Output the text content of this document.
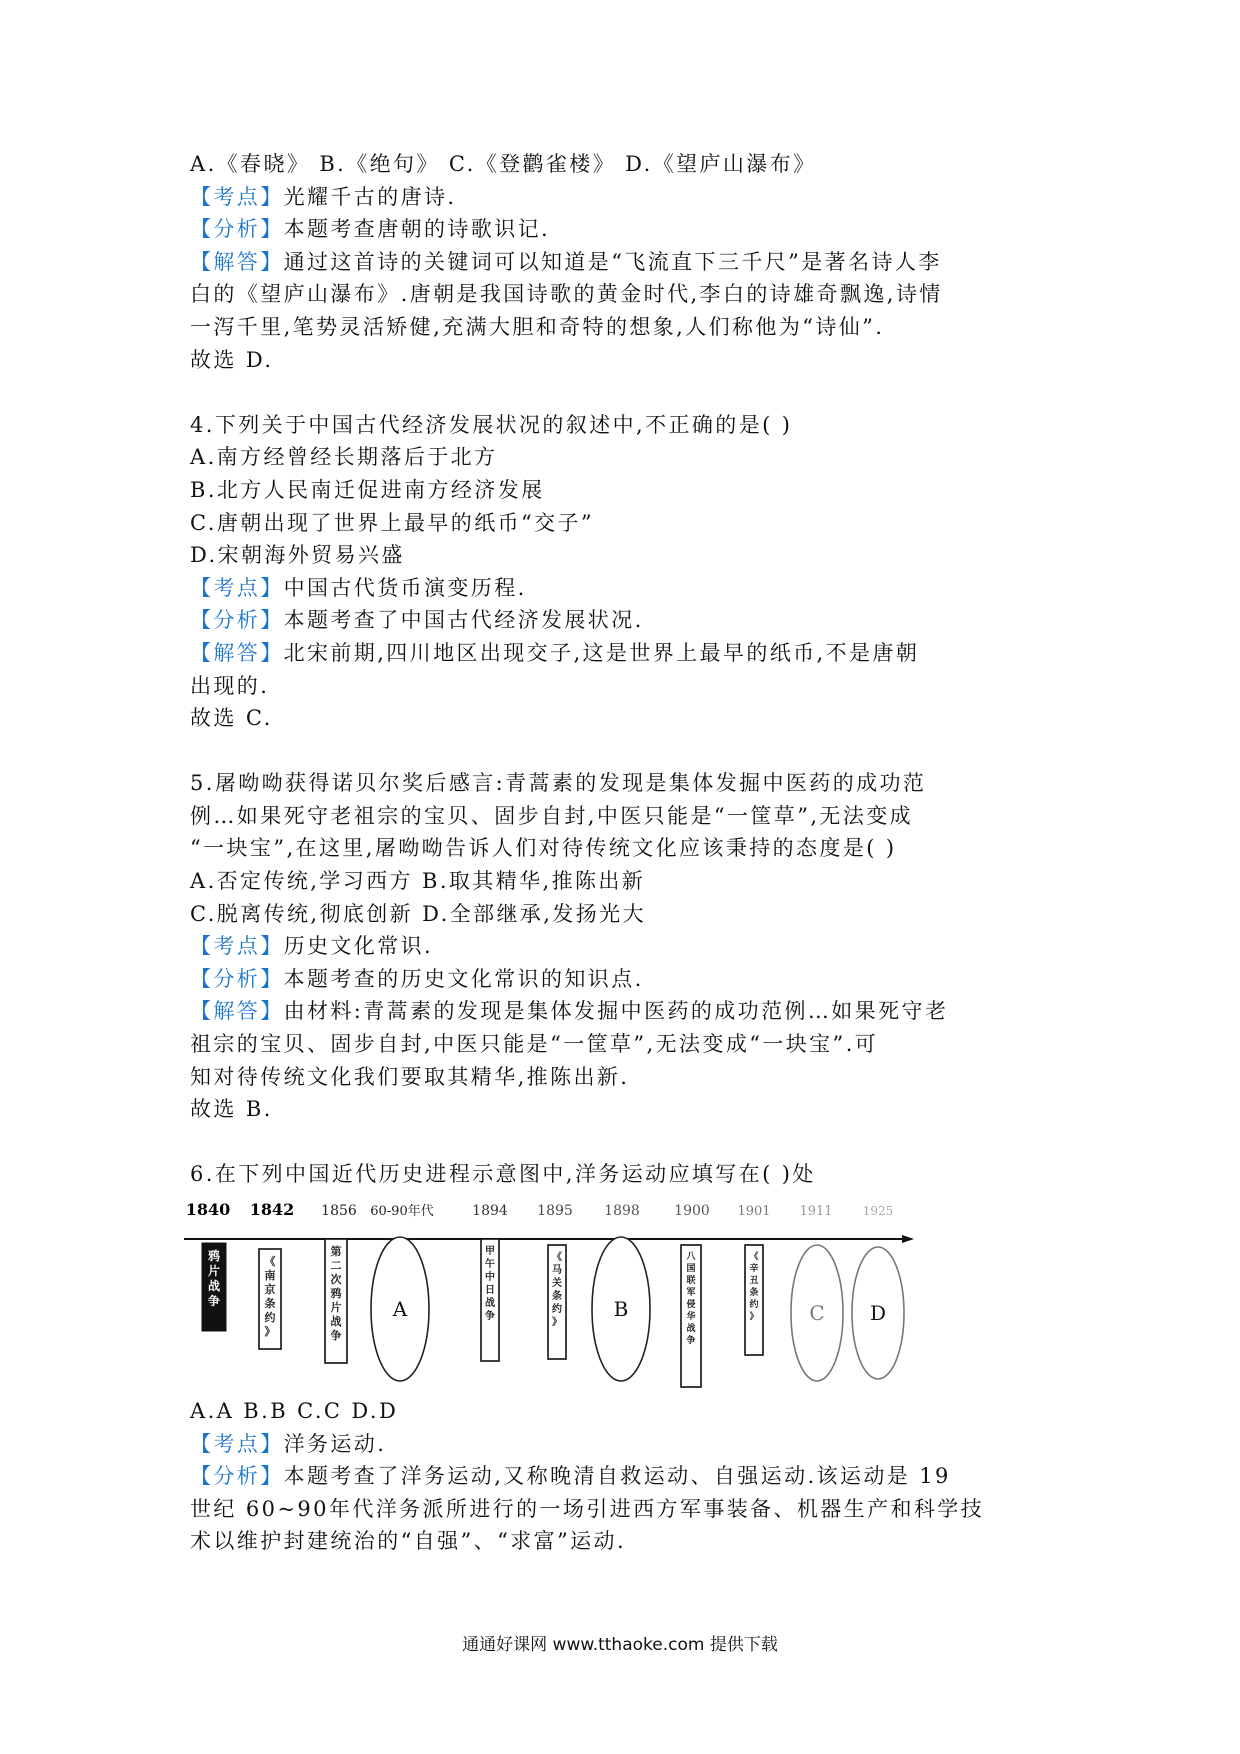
A.《春晓》 B.《绝句》 C.《登鹳雀楼》 D.《望庐山瀑布》
【考点】光耀千古的唐诗.
【分析】本题考查唐朝的诗歌识记.
【解答】通过这首诗的关键词可以知道是“飞流直下三千尺”是著名诗人李
白的《望庐山瀑布》.唐朝是我国诗歌的黄金时代,李白的诗雄奇飘逸,诗情
一泻千里,笔势灵活矫健,充满大胆和奇特的想象,人们称他为“诗仙”.
故选 D.
4.下列关于中国古代经济发展状况的叙述中,不正确的是( )
A.南方经曾经长期落后于北方
B.北方人民南迁促进南方经济发展
C.唐朝出现了世界上最早的纸币“交子”
D.宋朝海外贸易兴盛
【考点】中国古代货币演变历程.
【分析】本题考查了中国古代经济发展状况.
【解答】北宋前期,四川地区出现交子,这是世界上最早的纸币,不是唐朝
出现的.
故选 C.
5.屠呦呦获得诺贝尔奖后感言:青蒿素的发现是集体发掘中医药的成功范
例…如果死守老祖宗的宝贝、固步自封,中医只能是“一筐草”,无法变成
“一块宝”,在这里,屠呦呦告诉人们对待传统文化应该秉持的态度是( )
A.否定传统,学习西方 B.取其精华,推陈出新
C.脱离传统,彻底创新 D.全部继承,发扬光大
【考点】历史文化常识.
【分析】本题考查的历史文化常识的知识点.
【解答】由材料:青蒿素的发现是集体发掘中医药的成功范例…如果死守老
祖宗的宝贝、固步自封,中医只能是“一筐草”,无法变成“一块宝”.可
知对待传统文化我们要取其精华,推陈出新.
故选 B.
6.在下列中国近代历史进程示意图中,洋务运动应填写在( )处
1840 1842 1856 60-90年代	1894 1895 1898 1900 1901 1911	1925
鸦
片
战
争
《
南
京
条
约
》
第
二
次
鸦
片
战
争
甲
午
中
日
战
争
《
马
关
条
约
》
八
国
联
军
侵
华
战
争
《
辛
丑
条
约
》
A	B	C D
A.A B.B C.C D.D
【考点】洋务运动.
【分析】本题考查了洋务运动,又称晚清自救运动、自强运动.该运动是 19
世纪 60~90年代洋务派所进行的一场引进西方军事装备、机器生产和科学技
术以维护封建统治的“自强”、“求富”运动.
通通好课网 www.tthaoke.com 提供下载
